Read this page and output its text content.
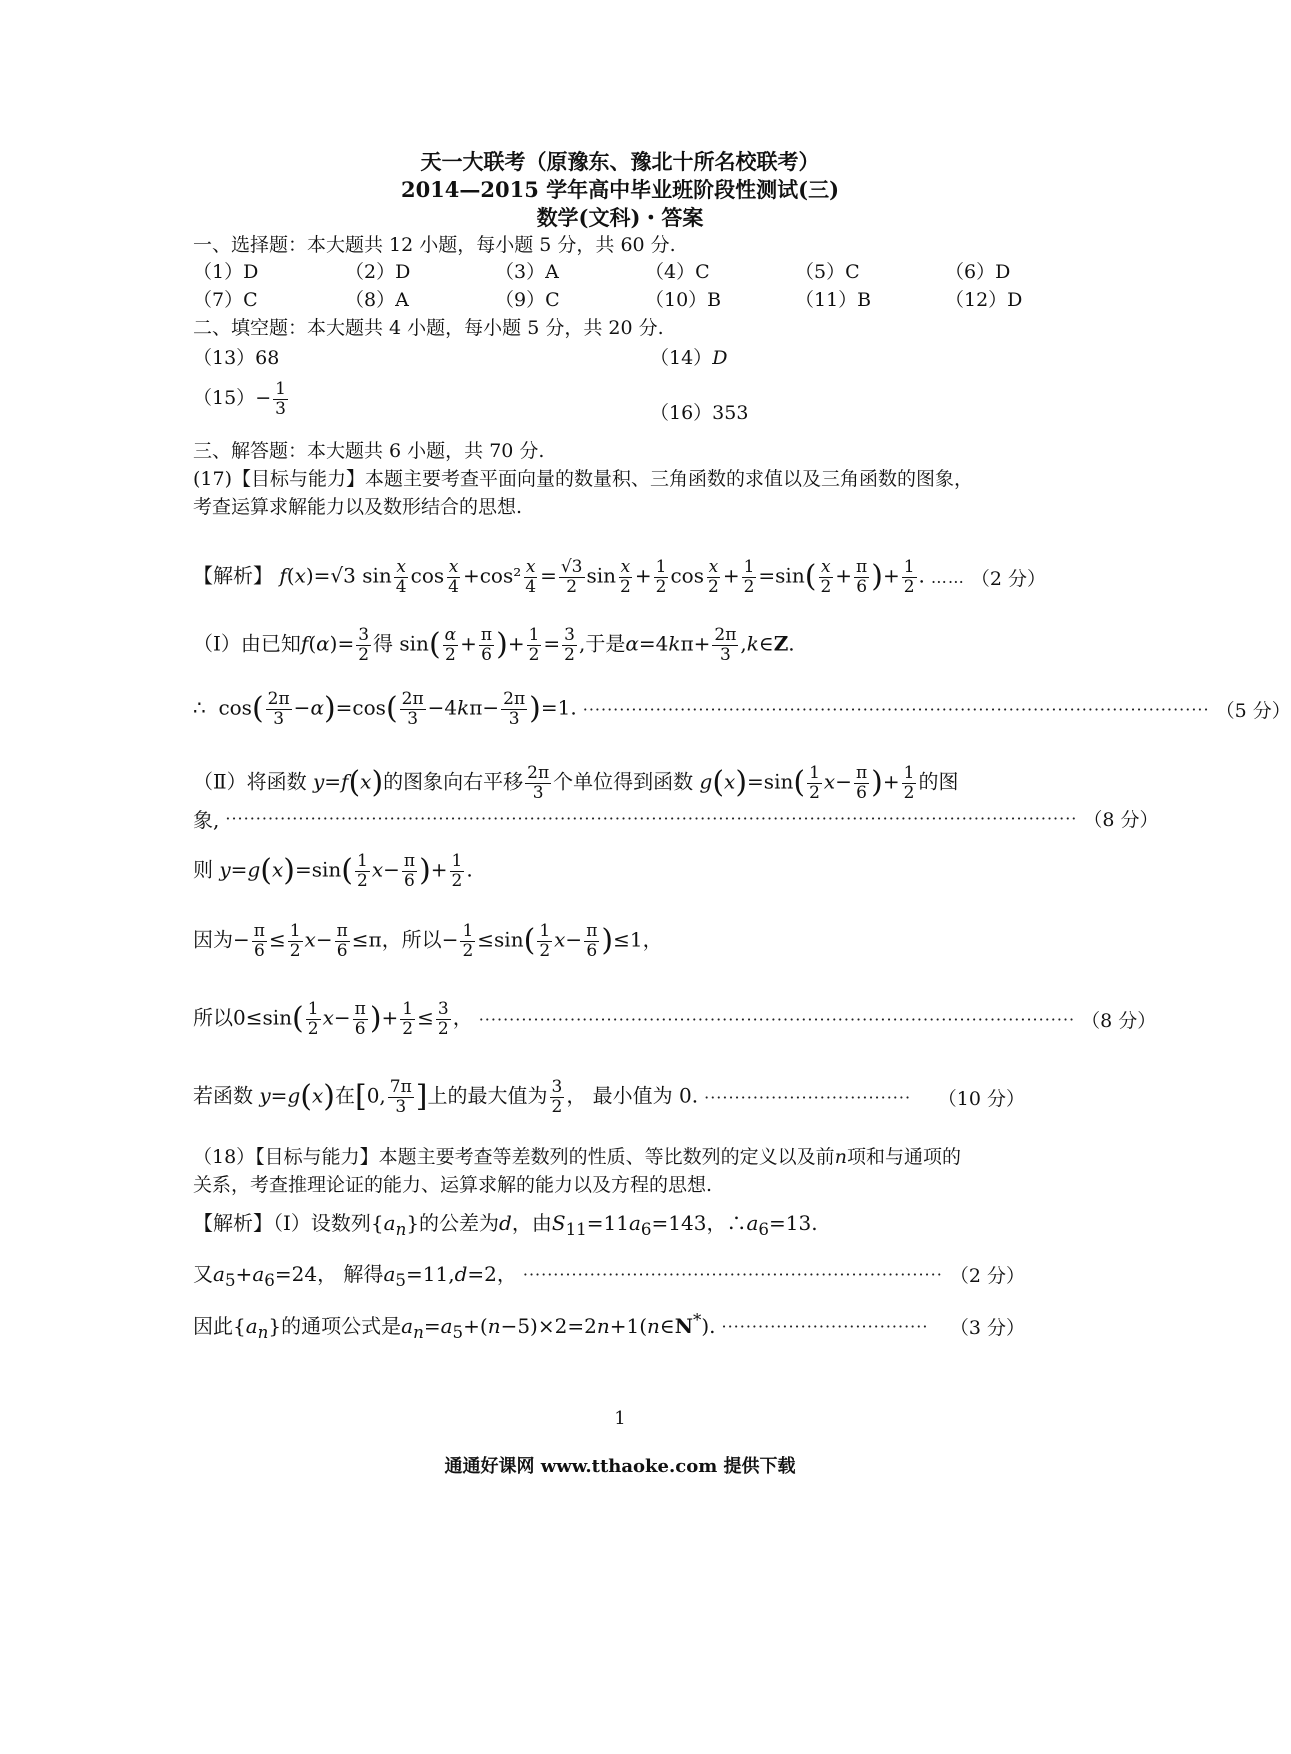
天一大联考（原豫东、豫北十所名校联考）
2014—2015 学年高中毕业班阶段性测试(三)
数学(文科)・答案
一、选择题：本大题共 12 小题，每小题 5 分，共 60 分.
（1）D	（2）D	（3）A	（4）C	（5）C	（6）D
（7）C	（8）A	（9）C	（10）B	（11）B	（12）D
二、填空题：本大题共 4 小题，每小题 5 分，共 20 分.
（13）68	（14）D
$(15)- \frac{1}{3}$	（16）353
三、解答题：本大题共 6 小题，共 70 分.
(17)【目标与能力】本题主要考查平面向量的数量积、三角函数的求值以及三角函数的图象，
考查运算求解能力以及数形结合的思想.
【解析】 f(x)=√3 $\sin \frac{x}{4}$ $\cos \frac{x}{4} +\cos^2 \frac{x}{4} = \frac{√3}{2}$ $\sin \frac{x}{2} + \frac{1}{2}$ $\cos \frac{x}{2} + \frac{1}{2} =\sin( \frac{x}{2} + \frac{\pi}{6}$ )+ $\frac{1}{2}$ . …… （2 分）
（Ⅰ）由已知$f(\alpha)= \frac{3}{2}$ 得 $\sin( \frac{\alpha}{2} + \frac{\pi}{6}$ )+ $\frac{1}{2} = \frac{3}{2}$ ,于是$\alpha=4k\pi+ \frac{2\pi}{3}$ ,k∈Z.
∴  $\cos( \frac{2\pi}{3} -\alpha)=\cos( \frac{2\pi}{3} -4k\pi- \frac{2\pi}{3} )=1$. ······································································································· （5 分）
（Ⅱ）将函数 y=f(x)的图象向右平移 $\frac{2\pi}{3}$ 个单位得到函数 $g(x)=\sin( \frac{1}{2} x- \frac{\pi}{6}$ )+ $\frac{1}{2}$ 的图
象, ············································································································································ （8 分）
则 $y=g(x)=\sin( \frac{1}{2} x- \frac{\pi}{6}$ )+ $\frac{1}{2}$ .
因为− $\frac{\pi}{6} \le \frac{1}{2} x- \frac{\pi}{6} \le\pi$，所以− $\frac{1}{2} \le\sin( \frac{1}{2} x- \frac{\pi}{6} )\le 1$，
所以$0\le\sin( \frac{1}{2} x- \frac{\pi}{6}$ )+ $\frac{1}{2} \le \frac{3}{2}$ ， ·································································································· （8 分）
若函数 y=g(x)在[0, $\frac{7\pi}{3}$ ]上的最大值为 $\frac{3}{2}$ ， 最小值为 0. ··································	（10 分）
（18）【目标与能力】本题主要考查等差数列的性质、等比数列的定义以及前n项和与通项的
关系，考查推理论证的能力、运算求解的能力以及方程的思想.
【解析】（Ⅰ）设数列$\{a_n\}$的公差为d，由$S_{11}=11a_6=143$，$\therefore a_6=13$.
又$a_5+a_6=24$， 解得$a_5=11,d=2$， ····································································· （2 分）
因此$\{a_n\}$的通项公式是$a_n=a_5+(n-5)\times 2=2n+1(n\in N^*)$. ··································	（3 分）
1
通通好课网 www.tthaoke.com 提供下载
